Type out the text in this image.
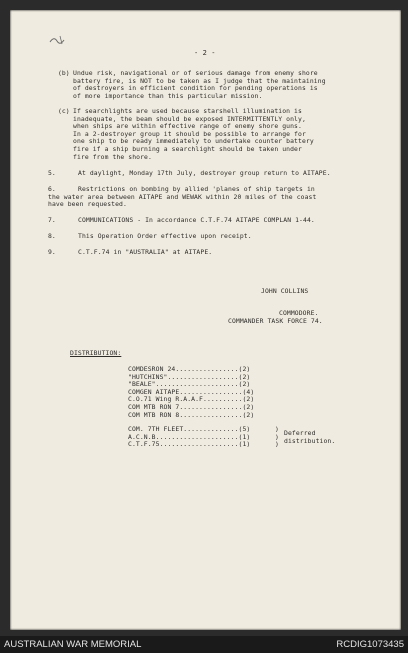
- 2 -
(b) Undue risk, navigational or of serious damage from enemy shore
battery fire, is NOT to be taken as I judge that the maintaining
of destroyers in efficient condition for pending operations is
of more importance than this particular mission.
(c) If searchlights are used because starshell illumination is
inadequate, the beam should be exposed INTERMITTENTLY only,
when ships are within effective range of enemy shore guns.
In a 2-destroyer group it should be possible to arrange for
one ship to be ready immediately to undertake counter battery
fire if a ship burning a searchlight should be taken under
fire from the shore.
5.	At daylight, Monday 17th July, destroyer group return to AITAPE.
6.	Restrictions on bombing by allied 'planes of ship targets in
the water area between AITAPE and WEWAK within 20 miles of the coast
have been requested.
7.	COMMUNICATIONS - In accordance C.T.F.74 AITAPE COMPLAN 1-44.
8.	This Operation Order effective upon receipt.
9.	C.T.F.74 in "AUSTRALIA" at AITAPE.
JOHN COLLINS
COMMODORE.
COMMANDER TASK FORCE 74.
DISTRIBUTION:
COMDESRON 24................(2)
"HUTCHINS"..................(2)
"BEALE".....................(2)
COMGEN AITAPE................(4)
C.O.71 Wing R.A.A.F..........(2)
COM MTB RON 7................(2)
COM MTB RON 8................(2)
COM. 7TH FLEET..............(5)
A.C.N.B.....................(1)
C.T.F.75....................(1)
)
)
)
Deferred
distribution.
AUSTRALIAN WAR MEMORIAL	RCDIG1073435
